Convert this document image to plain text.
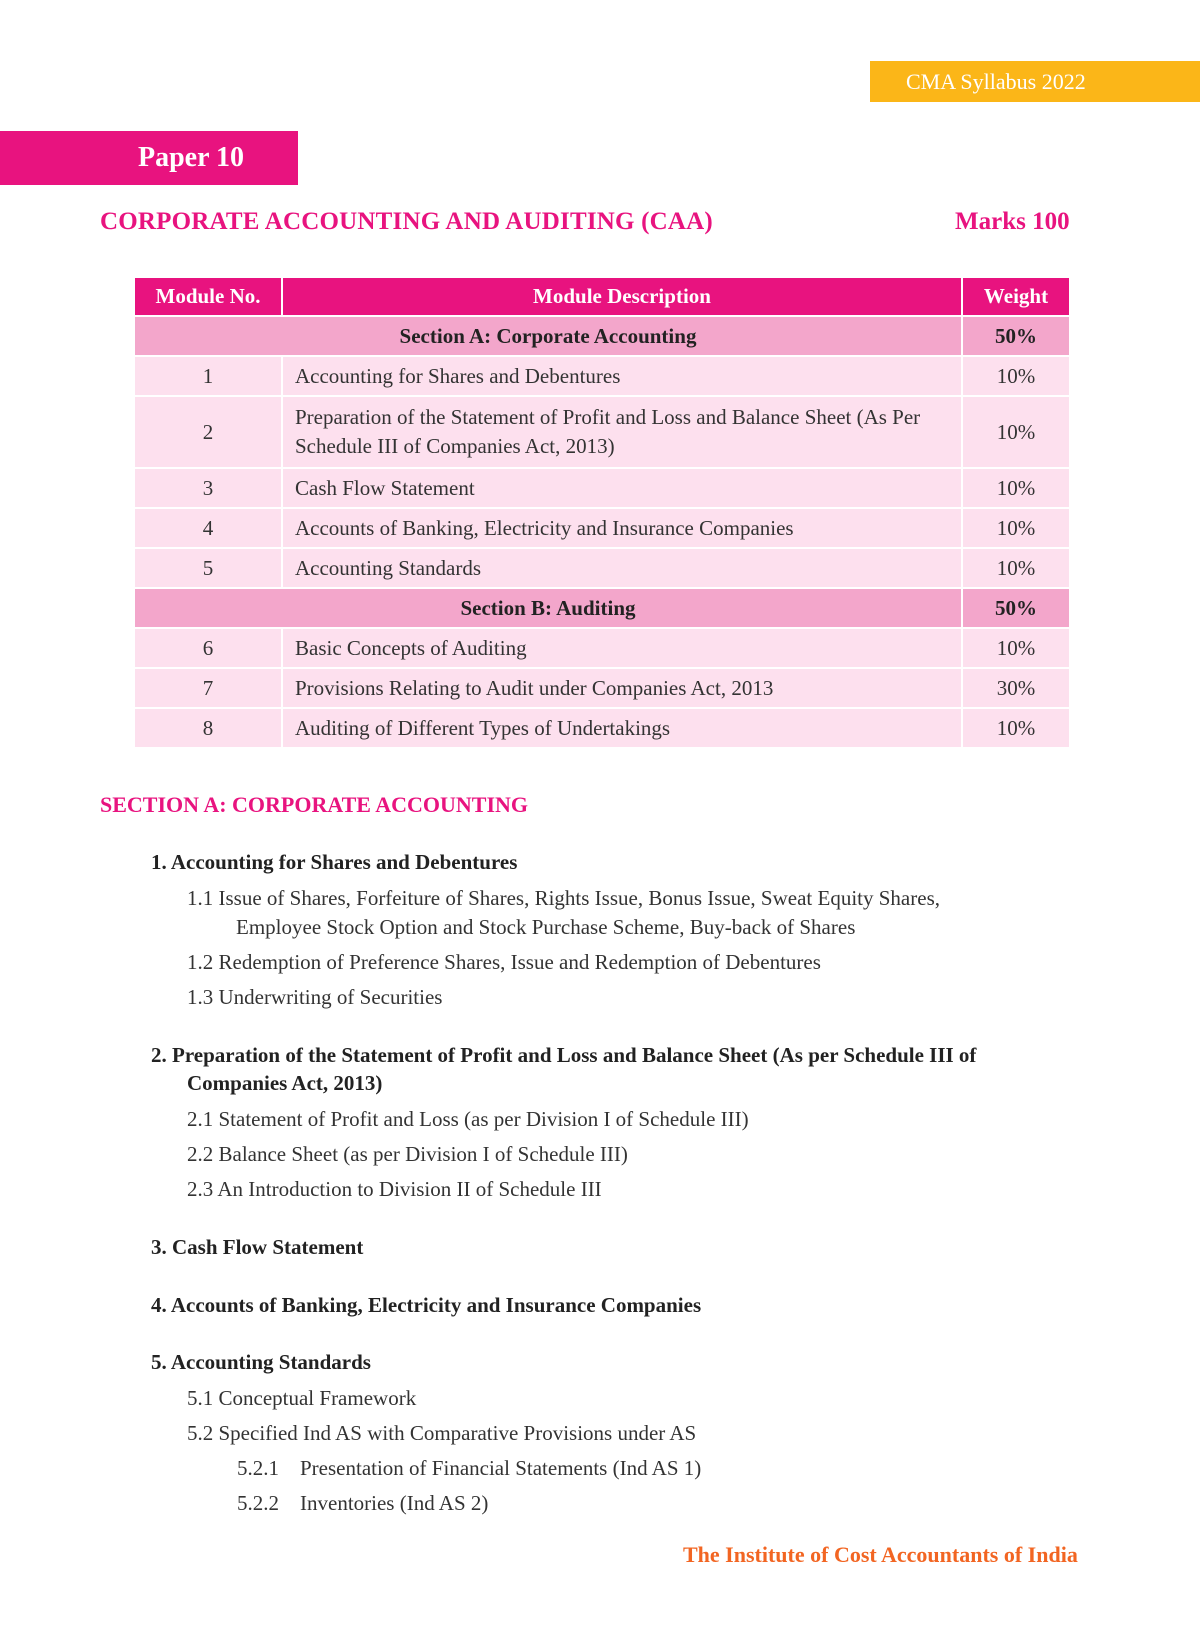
CMA Syllabus 2022
Paper 10
CORPORATE ACCOUNTING AND AUDITING (CAA)	Marks 100
Module No.	Module Description	Weight
Section A: Corporate Accounting		50%
1	Accounting for Shares and Debentures	10%
2	Preparation of the Statement of Profit and Loss and Balance Sheet (As Per Schedule III of Companies Act, 2013)	10%
3	Cash Flow Statement	10%
4	Accounts of Banking, Electricity and Insurance Companies	10%
5	Accounting Standards	10%
Section B: Auditing		50%
6	Basic Concepts of Auditing	10%
7	Provisions Relating to Audit under Companies Act, 2013	30%
8	Auditing of Different Types of Undertakings	10%
SECTION A: CORPORATE ACCOUNTING
1. Accounting for Shares and Debentures
1.1 Issue of Shares, Forfeiture of Shares, Rights Issue, Bonus Issue, Sweat Equity Shares,
Employee Stock Option and Stock Purchase Scheme, Buy-back of Shares
1.2 Redemption of Preference Shares, Issue and Redemption of Debentures
1.3 Underwriting of Securities
2. Preparation of the Statement of Profit and Loss and Balance Sheet (As per Schedule III of
Companies Act, 2013)
2.1 Statement of Profit and Loss (as per Division I of Schedule III)
2.2 Balance Sheet (as per Division I of Schedule III)
2.3 An Introduction to Division II of Schedule III
3. Cash Flow Statement
4. Accounts of Banking, Electricity and Insurance Companies
5. Accounting Standards
5.1 Conceptual Framework
5.2 Specified Ind AS with Comparative Provisions under AS
5.2.1    Presentation of Financial Statements (Ind AS 1)
5.2.2    Inventories (Ind AS 2)
The Institute of Cost Accountants of India
